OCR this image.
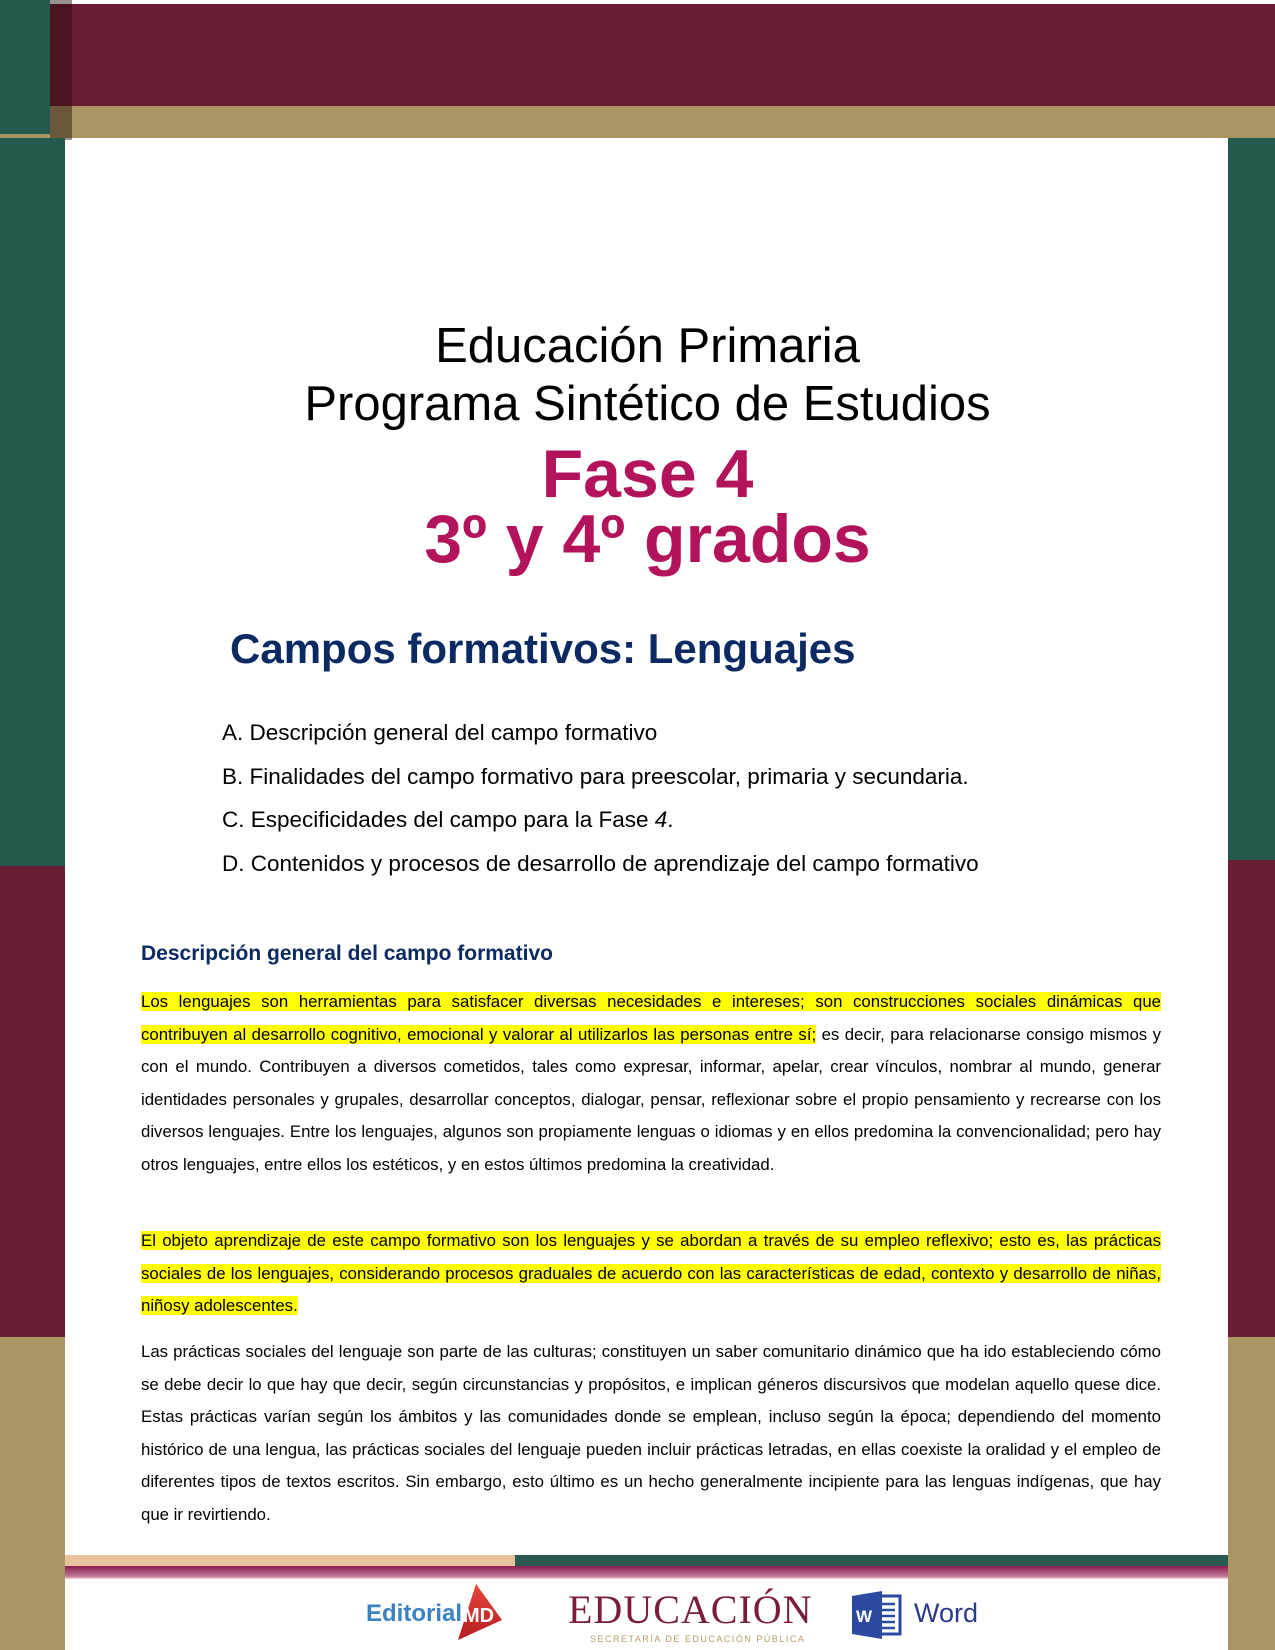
Educación Primaria
Programa Sintético de Estudios
Fase 4
3º y 4º grados
Campos formativos: Lenguajes
A. Descripción general del campo formativo
B. Finalidades del campo formativo para preescolar, primaria y secundaria.
C. Especificidades del campo para la Fase 4.
D. Contenidos y procesos de desarrollo de aprendizaje del campo formativo
Descripción general del campo formativo

Los lenguajes son herramientas para satisfacer diversas necesidades e intereses; son construcciones sociales dinámicas que contribuyen al desarrollo cognitivo, emocional y valorar al utilizarlos las personas entre sí; es decir, para relacionarse consigo mismos y con el mundo. Contribuyen a diversos cometidos, tales como expresar, informar, apelar, crear vínculos, nombrar al mundo, generar identidades personales y grupales, desarrollar conceptos, dialogar, pensar, reflexionar sobre el propio pensamiento y recrearse con los diversos lenguajes. Entre los lenguajes, algunos son propiamente lenguas o idiomas y en ellos predomina la convencionalidad; pero hay otros lenguajes, entre ellos los estéticos, y en estos últimos predomina la creatividad.

El objeto aprendizaje de este campo formativo son los lenguajes y se abordan a través de su empleo reflexivo; esto es, las prácticas sociales de los lenguajes, considerando procesos graduales de acuerdo con las características de edad, contexto y desarrollo de niñas, niñosy adolescentes.

Las prácticas sociales del lenguaje son parte de las culturas; constituyen un saber comunitario dinámico que ha ido estableciendo cómo se debe decir lo que hay que decir, según circunstancias y propósitos, e implican géneros discursivos que modelan aquello quese dice. Estas prácticas varían según los ámbitos y las comunidades donde se emplean, incluso según la época; dependiendo del momento histórico de una lengua, las prácticas sociales del lenguaje pueden incluir prácticas letradas, en ellas coexiste la oralidad y el empleo de diferentes tipos de textos escritos. Sin embargo, esto último es un hecho generalmente incipiente para las lenguas indígenas, que hay que ir revirtiendo.

Editorial MD EDUCACIÓN
SECRETARÍA DE EDUCACIÓN PÚBLICA
W Word
